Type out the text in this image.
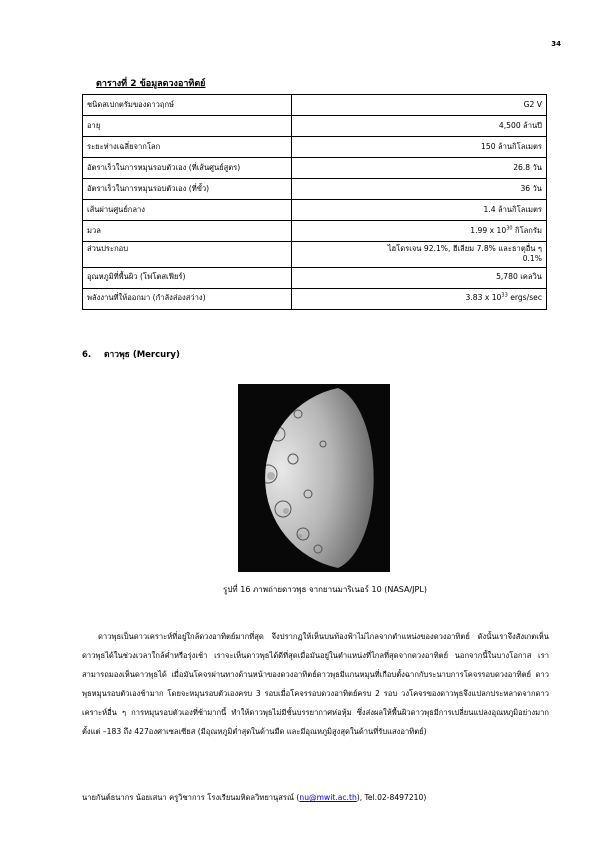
34
ตารางที่ 2 ข้อมูลดวงอาทิตย์
ชนิดสเปกตรัมของดาวฤกษ์	G2 V
อายุ	4,500 ล้านปี
ระยะห่างเฉลี่ยจากโลก	150 ล้านกิโลเมตร
อัตราเร็วในการหมุนรอบตัวเอง (ที่เส้นศูนย์สูตร)	26.8 วัน
อัตราเร็วในการหมุนรอบตัวเอง (ที่ขั้ว)	36 วัน
เส้นผ่านศูนย์กลาง	1.4 ล้านกิโลเมตร
มวล	1.99 x $10^{30}$ กิโลกรัม
ส่วนประกอบ	ไฮโดรเจน 92.1%, ฮีเลียม 7.8% และธาตุอื่น ๆ
0.1%

อุณหภูมิที่พื้นผิว (โฟโตสเฟียร์)	5,780 เคลวิน
พลังงานที่ให้ออกมา (กำลังส่องสว่าง)	3.83 x $10^{33}$ ergs/sec
6. ดาวพุธ (Mercury)
รูปที่ 16 ภาพถ่ายดาวพุธ จากยานมาริเนอร์ 10 (NASA/JPL)

ดาวพุธเป็นดาวเคราะห์ที่อยู่ใกล้ดวงอาทิตย์มากที่สุด จึงปรากฏให้เห็นบนท้องฟ้าไม่ไกลจากตำแหน่งของดวงอาทิตย์ ดังนั้นเราจึงสังเกตเห็นดาวพุธได้ในช่วงเวลาใกล้ค่ำหรือรุ่งเช้า เราจะเห็นดาวพุธได้ดีที่สุดเมื่อมันอยู่ในตำแหน่งที่ไกลที่สุดจากดวงอาทิตย์ นอกจากนี้ในบางโอกาส เราสามารถมองเห็นดาวพุธได้ เมื่อมันโคจรผ่านทางด้านหน้าของดวงอาทิตย์ดาวพุธมีแกนหมุนที่เกือบตั้งฉากกับระนาบการโคจรรอบดวงอาทิตย์ ดาวพุธหมุนรอบตัวเองช้ามาก โดยจะหมุนรอบตัวเองครบ 3 รอบเมื่อโคจรรอบดวงอาทิตย์ครบ 2 รอบ วงโคจรของดาวพุธจึงแปลกประหลาดจากดาวเคราะห์อื่น ๆ การหมุนรอบตัวเองที่ช้ามากนี้ ทำให้ดาวพุธไม่มีชั้นบรรยากาศห่อหุ้ม ซึ่งส่งผลให้พื้นผิวดาวพุธมีการเปลี่ยนแปลงอุณหภูมิอย่างมาก ตั้งแต่ –183 ถึง 427องศาเซลเซียส (มีอุณหภูมิต่ำสุดในด้านมืด และมีอุณหภูมิสูงสุดในด้านที่รับแสงอาทิตย์)

นายกันต์ธนากร น้อยเสนา ครูวิชาการ โรงเรียนมหิดลวิทยานุสรณ์ (nu@mwit.ac.th), Tel.02-8497210)
